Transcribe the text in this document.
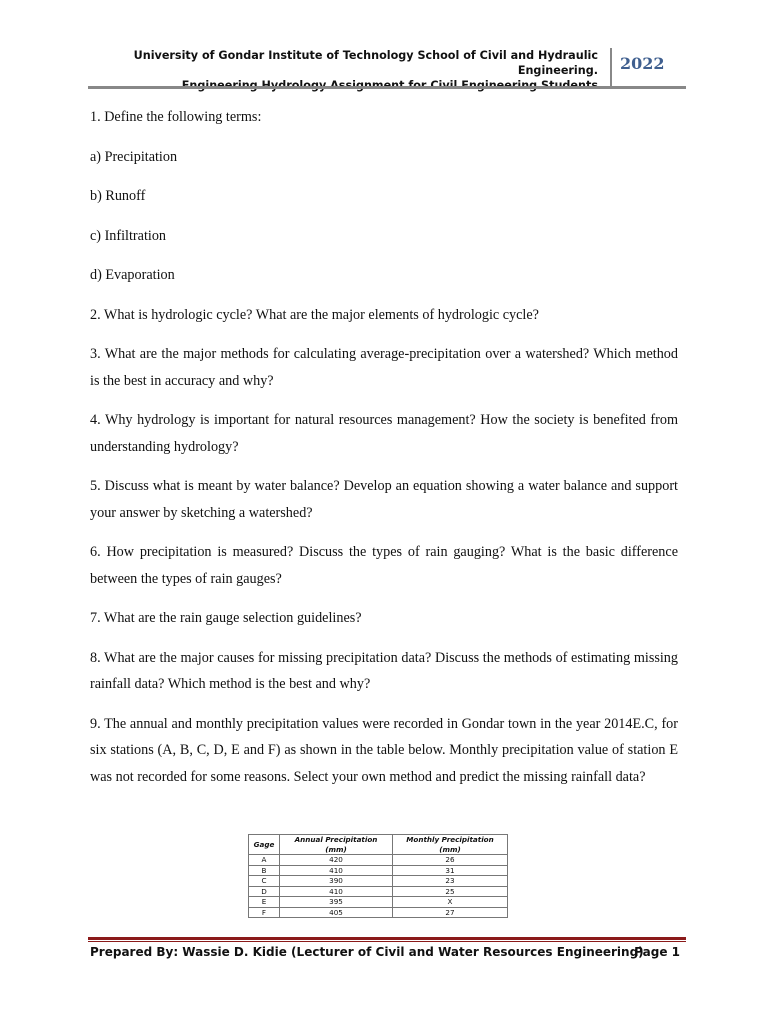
University of Gondar Institute of Technology School of Civil and Hydraulic Engineering. 2022

1. Define the following terms:

a) Precipitation

b) Runoff

c) Infiltration

d) Evaporation

2. What is hydrologic cycle? What are the major elements of hydrologic cycle?

3. What are the major methods for calculating average-precipitation over a watershed? Which method is the best in accuracy and why?

4. Why hydrology is important for natural resources management? How the society is benefited from understanding hydrology?

5. Discuss what is meant by water balance? Develop an equation showing a water balance and support your answer by sketching a watershed?

6. How precipitation is measured? Discuss the types of rain gauging? What is the basic difference between the types of rain gauges?

7. What are the rain gauge selection guidelines?

8. What are the major causes for missing precipitation data? Discuss the methods of estimating missing rainfall data? Which method is the best and why?

9. The annual and monthly precipitation values were recorded in Gondar town in the year 2014E.C, for six stations (A, B, C, D, E and F) as shown in the table below. Monthly precipitation value of station E was not recorded for some reasons. Select your own method and predict the missing rainfall data?

Gage	Annual Precipitation (mm)	Monthly Precipitation (mm)
A	420	26
B	410	31
C	390	23
D	410	25
E	395	X
F	405	27
Prepared By: Wassie D. Kidie (Lecturer of Civil and Water Resources Engineering)
Page 1
